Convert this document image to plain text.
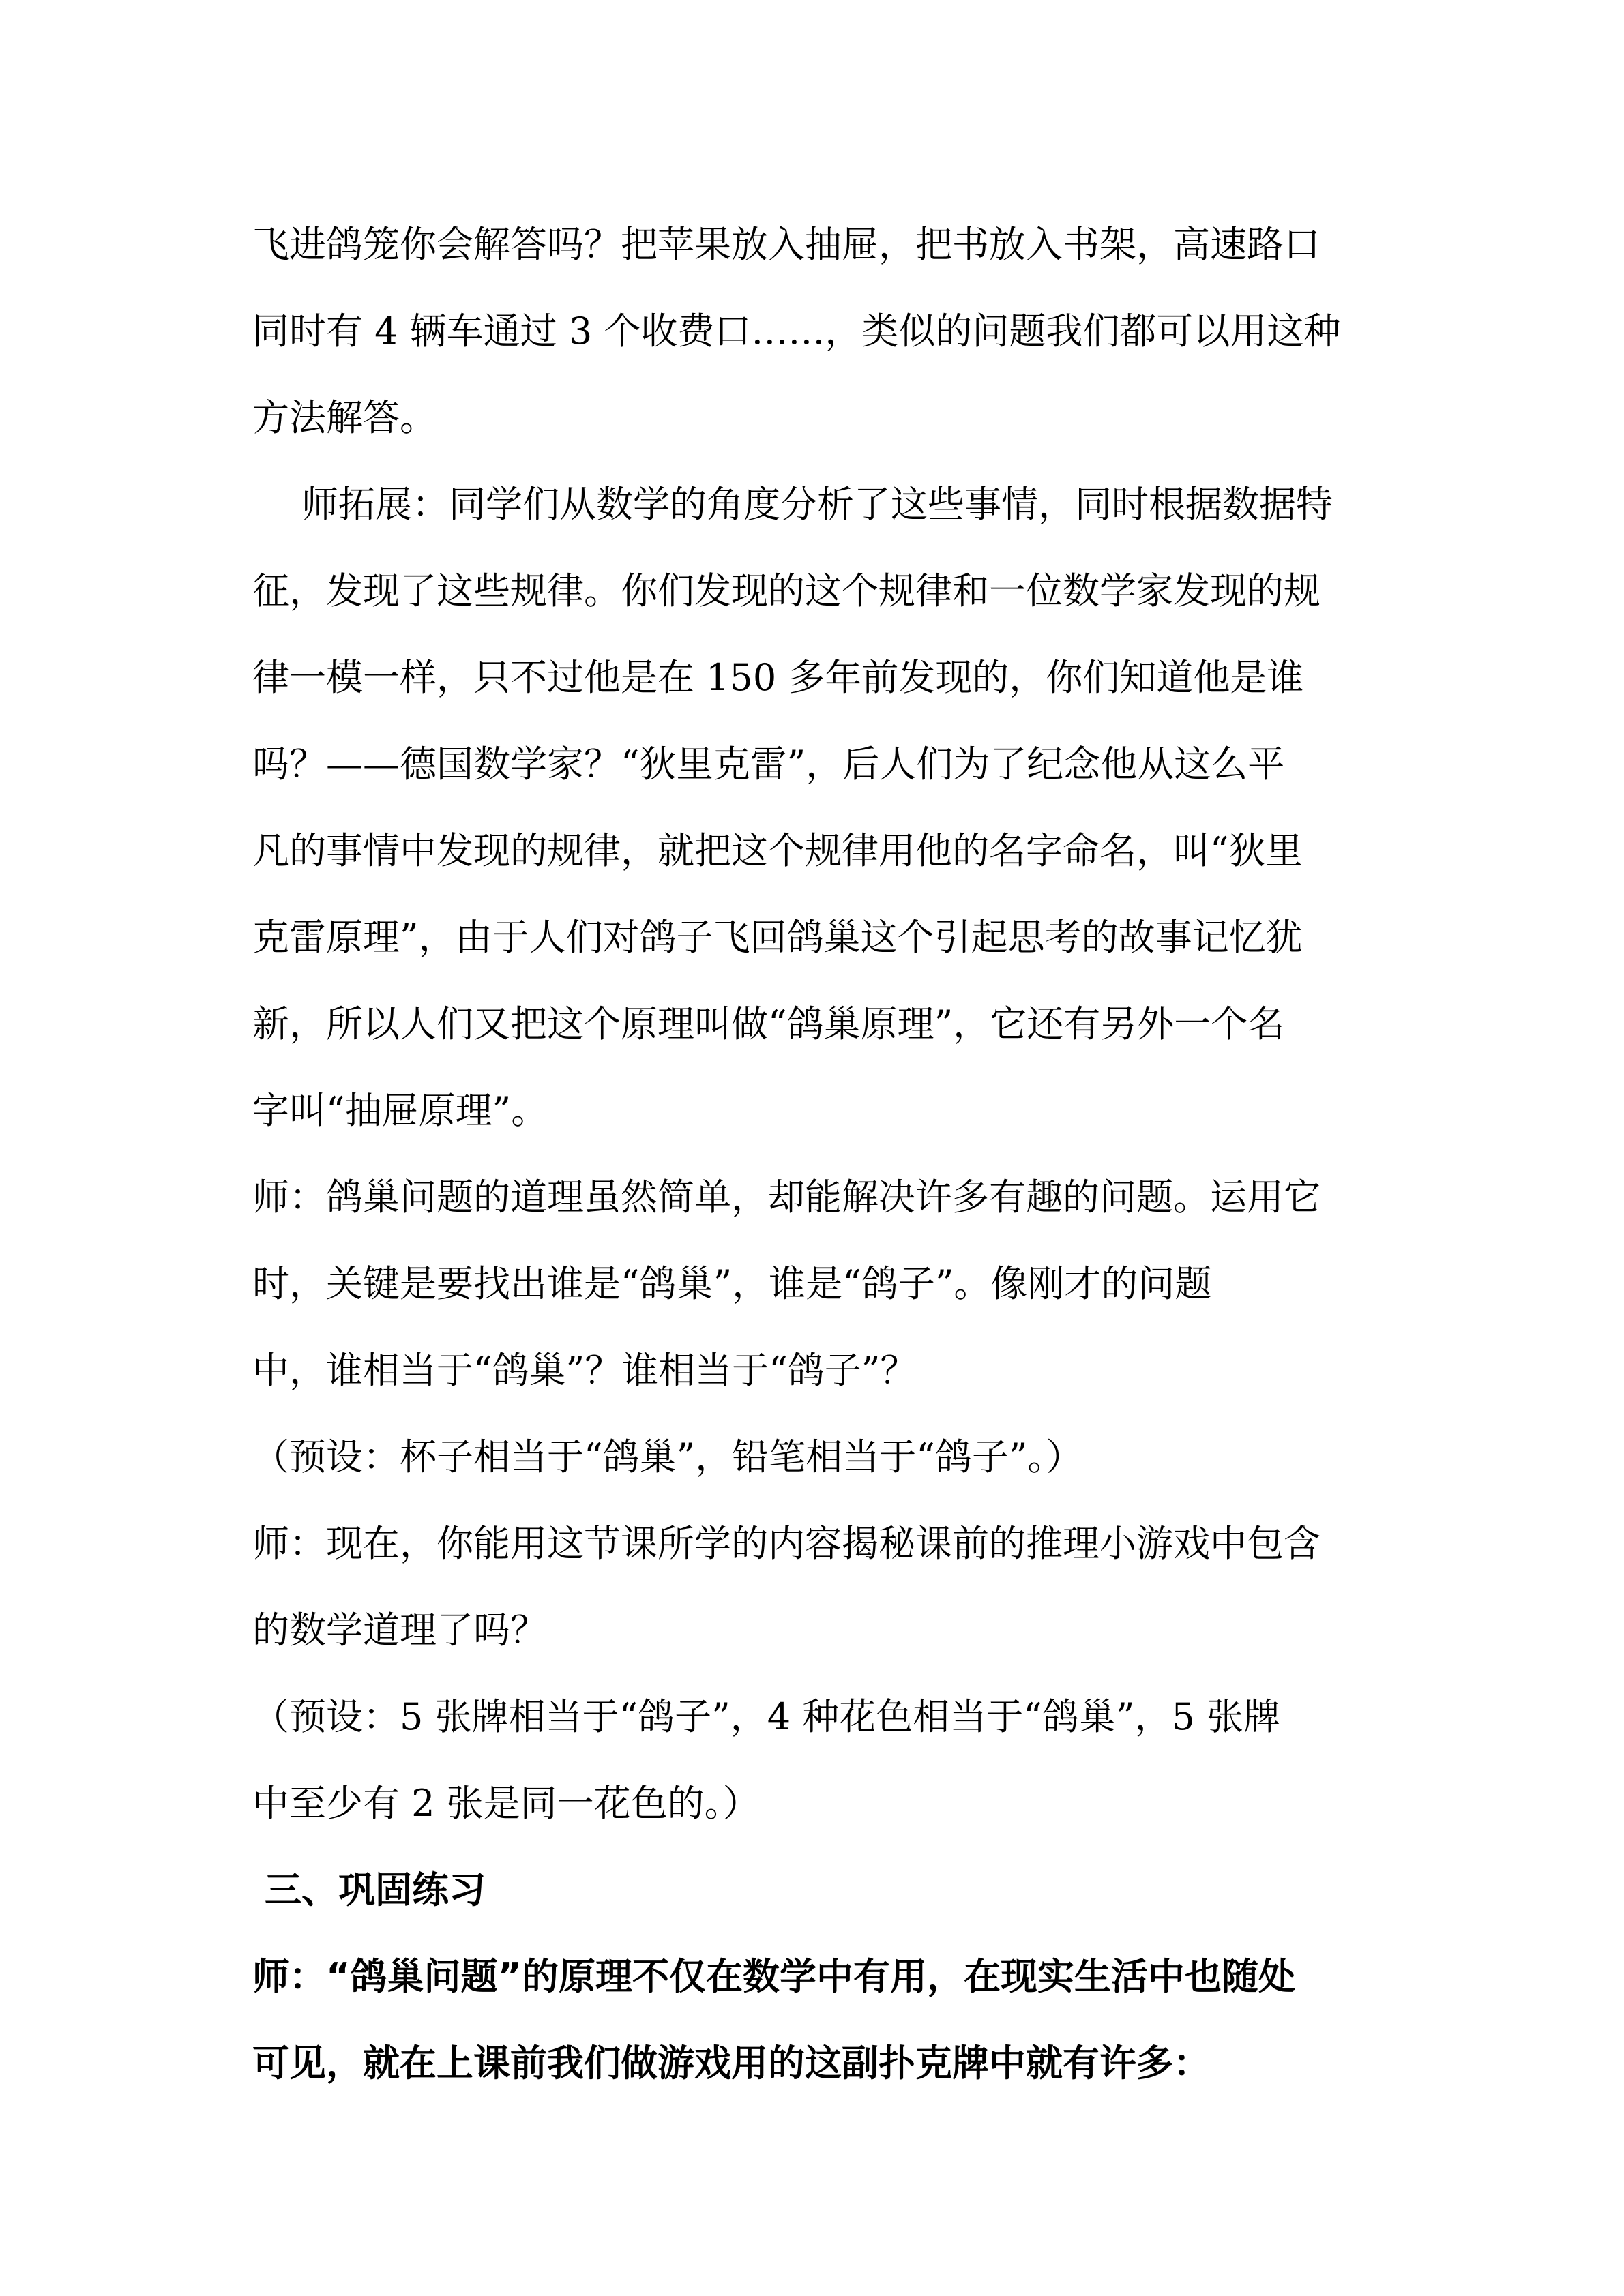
飞进鸽笼你会解答吗？把苹果放入抽屉，把书放入书架，高速路口
同时有 4 辆车通过 3 个收费口……，类似的问题我们都可以用这种
方法解答。
师拓展：同学们从数学的角度分析了这些事情，同时根据数据特
征，发现了这些规律。你们发现的这个规律和一位数学家发现的规
律一模一样，只不过他是在 150 多年前发现的，你们知道他是谁
吗？——德国数学家？“狄里克雷”，后人们为了纪念他从这么平
凡的事情中发现的规律，就把这个规律用他的名字命名，叫“狄里
克雷原理”，由于人们对鸽子飞回鸽巢这个引起思考的故事记忆犹
新，所以人们又把这个原理叫做“鸽巢原理”，它还有另外一个名
字叫“抽屉原理”。
师：鸽巢问题的道理虽然简单，却能解决许多有趣的问题。运用它
时，关键是要找出谁是“鸽巢”，谁是“鸽子”。像刚才的问题
中，谁相当于“鸽巢”？谁相当于“鸽子”？
（预设：杯子相当于“鸽巢”，铅笔相当于“鸽子”。）
师：现在，你能用这节课所学的内容揭秘课前的推理小游戏中包含
的数学道理了吗？
（预设：5 张牌相当于“鸽子”，4 种花色相当于“鸽巢”，5 张牌
中至少有 2 张是同一花色的。）
三、巩固练习
师：“鸽巢问题”的原理不仅在数学中有用，在现实生活中也随处
可见，就在上课前我们做游戏用的这副扑克牌中就有许多：
